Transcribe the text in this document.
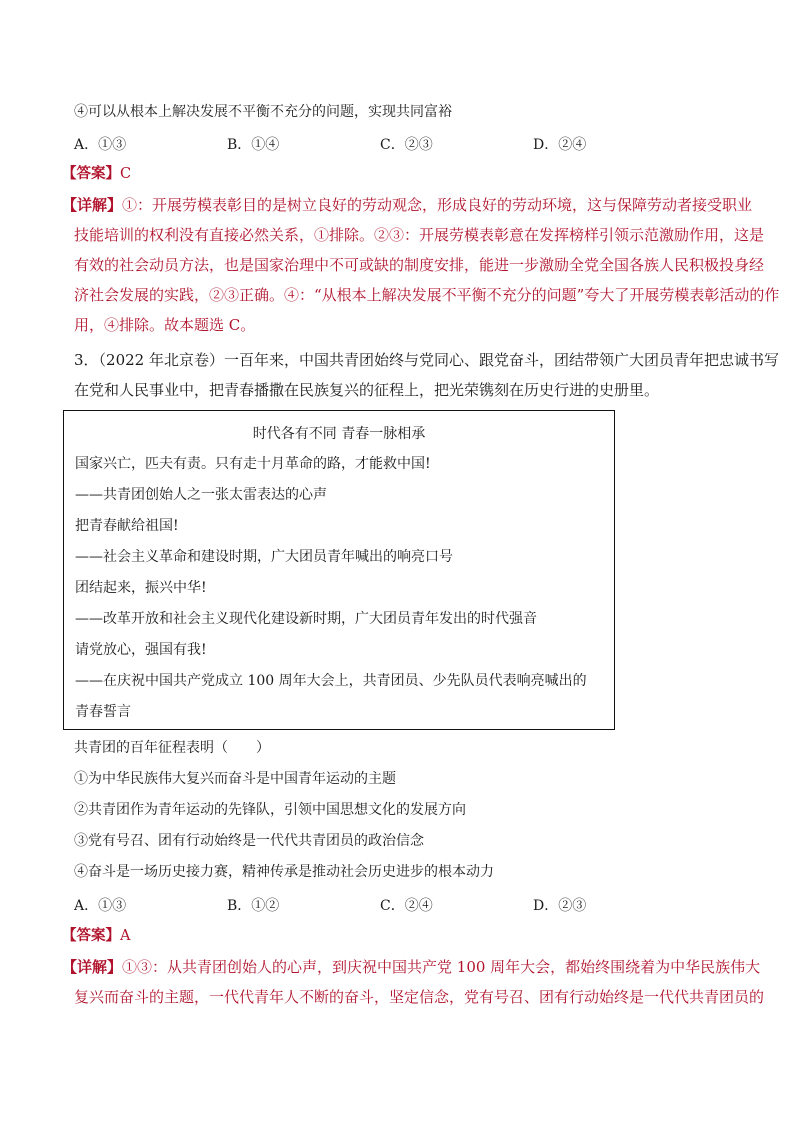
④可以从根本上解决发展不平衡不充分的问题，实现共同富裕
A．①③	B．①④	C．②③	D．②④
【答案】C
【详解】①：开展劳模表彰目的是树立良好的劳动观念，形成良好的劳动环境，这与保障劳动者接受职业
技能培训的权利没有直接必然关系，①排除。②③：开展劳模表彰意在发挥榜样引领示范激励作用，这是
有效的社会动员方法，也是国家治理中不可或缺的制度安排，能进一步激励全党全国各族人民积极投身经
济社会发展的实践，②③正确。④：“从根本上解决发展不平衡不充分的问题”夸大了开展劳模表彰活动的作
用，④排除。故本题选 C。
3．（2022 年北京卷）一百年来，中国共青团始终与党同心、跟党奋斗，团结带领广大团员青年把忠诚书写
在党和人民事业中，把青春播撒在民族复兴的征程上，把光荣镌刻在历史行进的史册里。
时代各有不同 青春一脉相承
国家兴亡，匹夫有责。只有走十月革命的路，才能救中国!
——共青团创始人之一张太雷表达的心声
把青春献给祖国!
——社会主义革命和建设时期，广大团员青年喊出的响亮口号
团结起来，振兴中华!
——改革开放和社会主义现代化建设新时期，广大团员青年发出的时代强音
请党放心，强国有我!
——在庆祝中国共产党成立 100 周年大会上，共青团员、少先队员代表响亮喊出的
青春誓言
共青团的百年征程表明（　　）
①为中华民族伟大复兴而奋斗是中国青年运动的主题
②共青团作为青年运动的先锋队，引领中国思想文化的发展方向
③党有号召、团有行动始终是一代代共青团员的政治信念
④奋斗是一场历史接力赛，精神传承是推动社会历史进步的根本动力
A．①③	B．①②	C．②④	D．②③
【答案】A
【详解】①③：从共青团创始人的心声，到庆祝中国共产党 100 周年大会，都始终围绕着为中华民族伟大
复兴而奋斗的主题，一代代青年人不断的奋斗，坚定信念，党有号召、团有行动始终是一代代共青团员的
